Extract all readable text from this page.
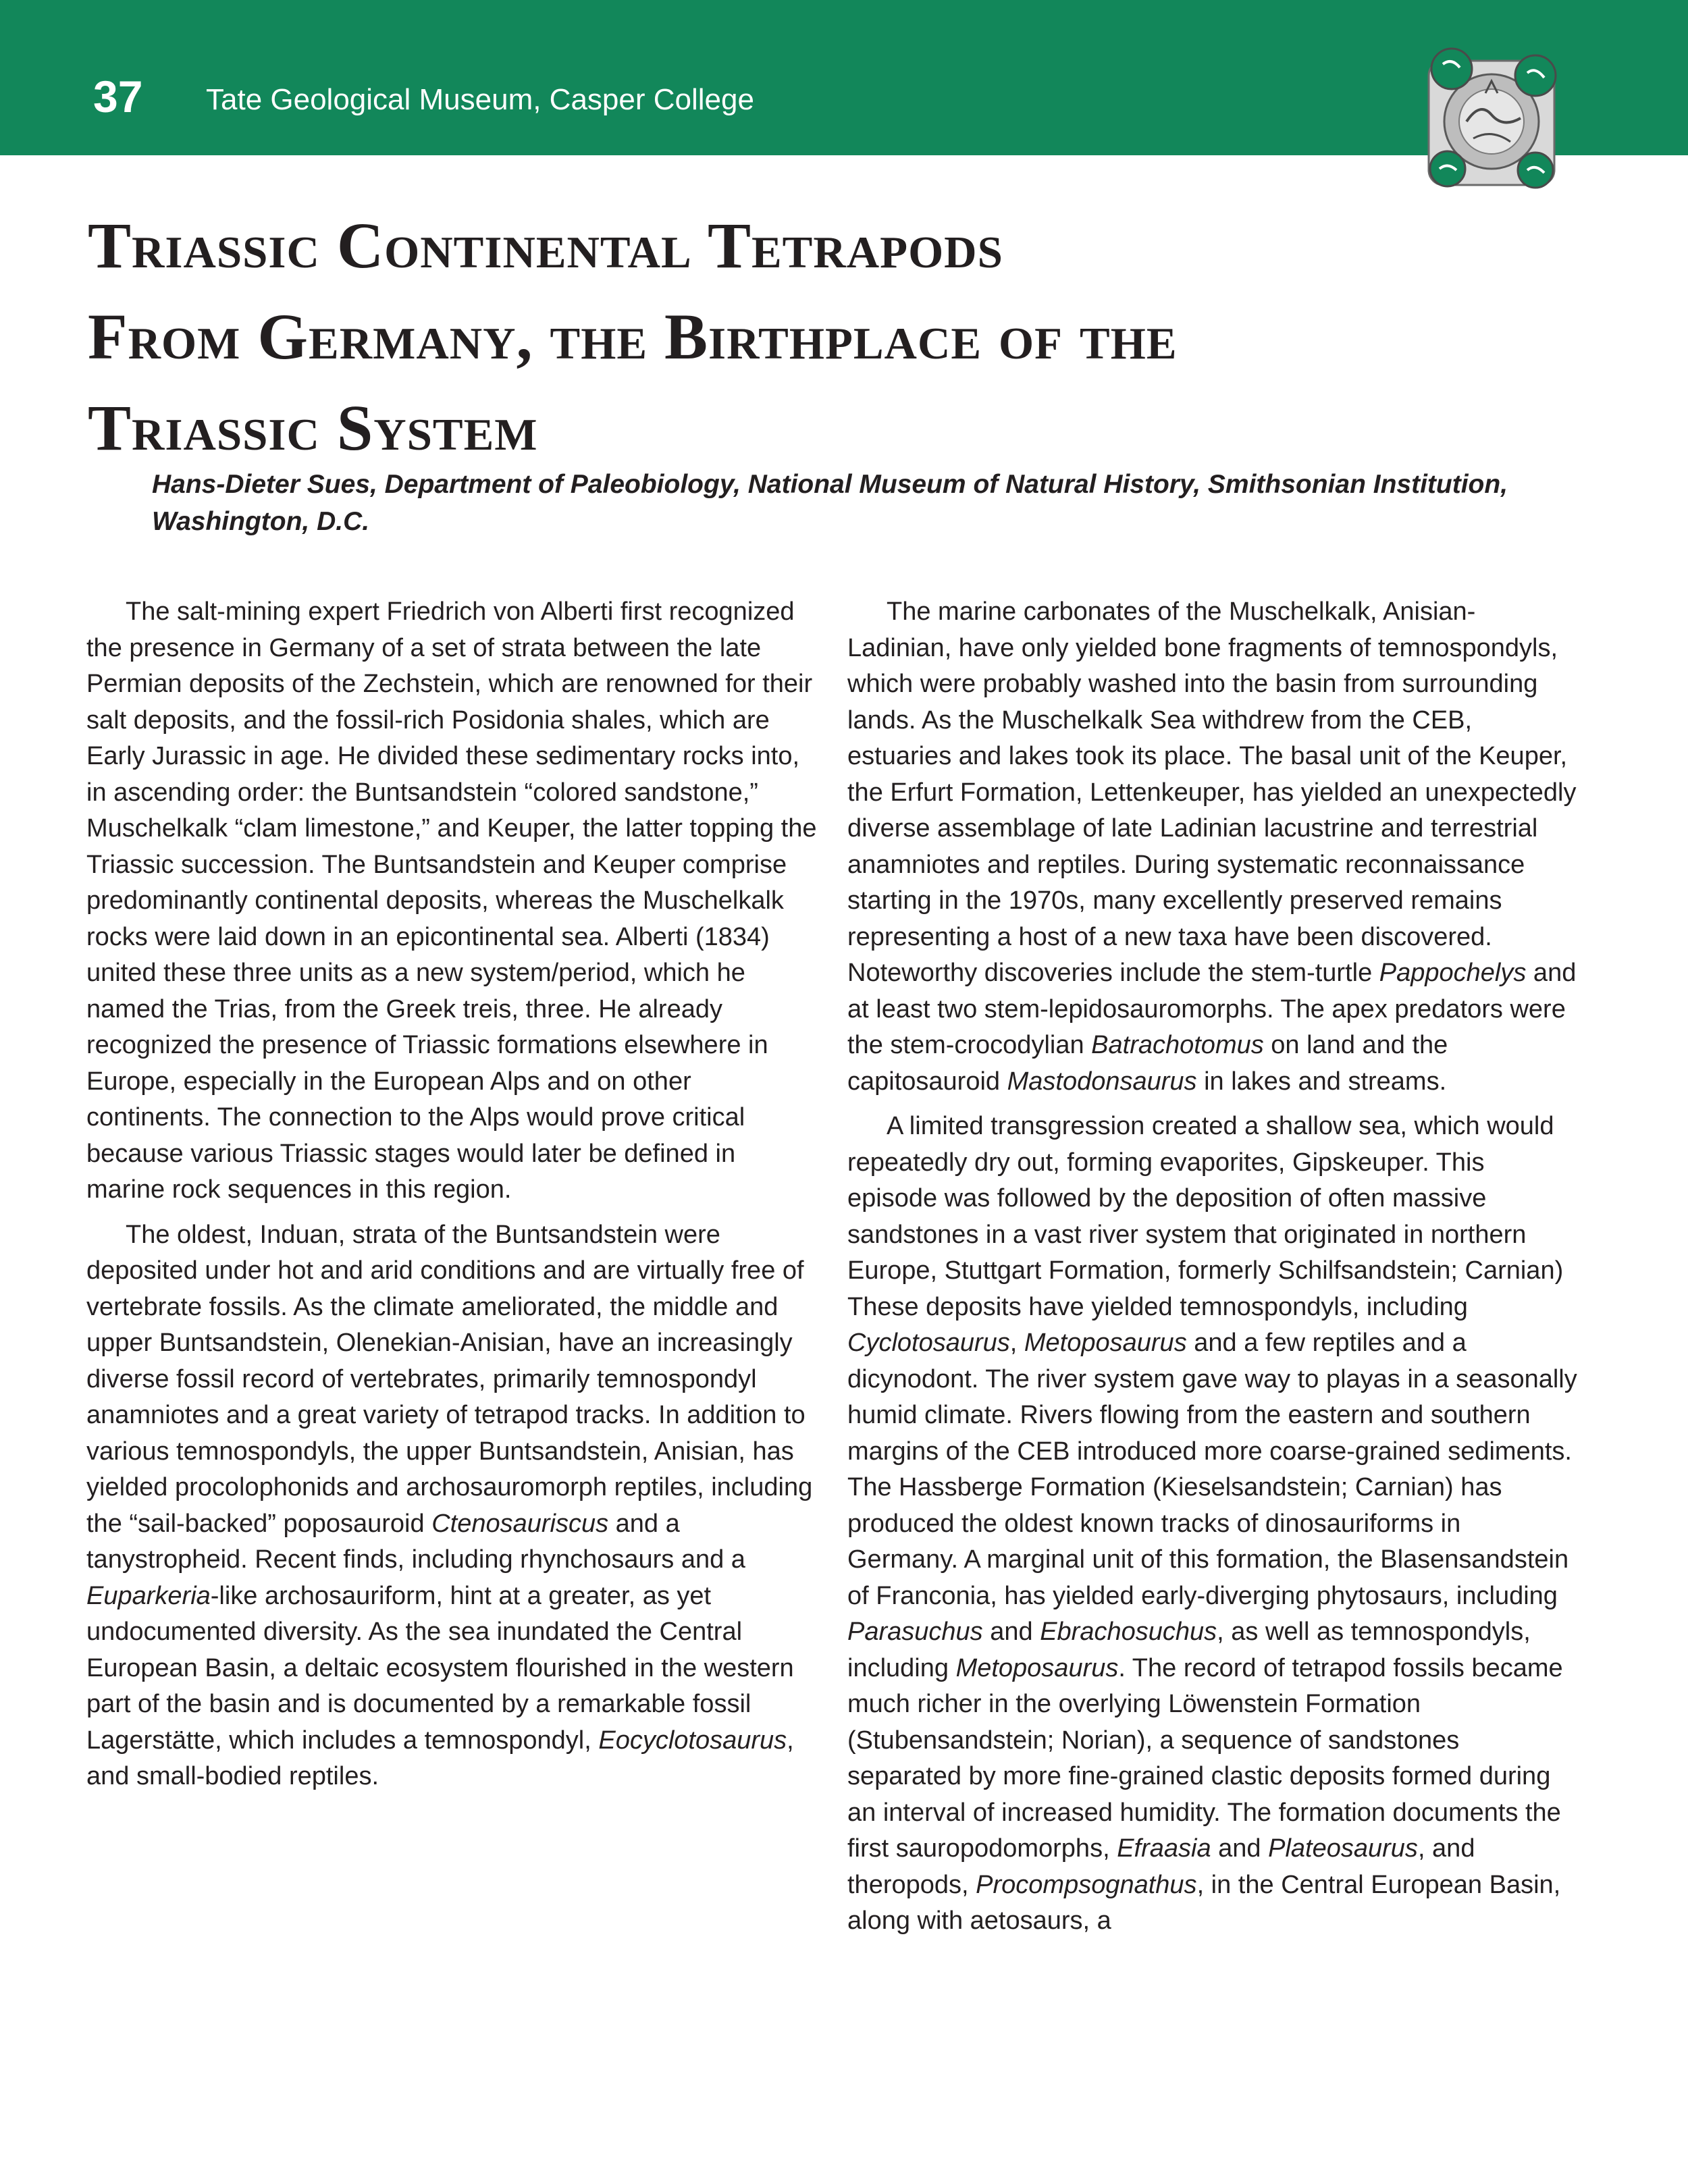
37 Tate Geological Museum, Casper College
Triassic Continental Tetrapods
From Germany, the Birthplace of the
Triassic System

Hans-Dieter Sues, Department of Paleobiology, National Museum of Natural History, Smithsonian Institution, Washington, D.C.

The salt-mining expert Friedrich von Alberti first recognized the presence in Germany of a set of strata between the late Permian deposits of the Zechstein, which are renowned for their salt deposits, and the fossil-rich Posidonia shales, which are Early Jurassic in age. He divided these sedimentary rocks into, in ascending order: the Buntsandstein “colored sandstone,” Muschelkalk “clam limestone,” and Keuper, the latter topping the Triassic succession. The Buntsandstein and Keuper comprise predominantly continental deposits, whereas the Muschelkalk rocks were laid down in an epicontinental sea. Alberti (1834) united these three units as a new system/period, which he named the Trias, from the Greek treis, three. He already recognized the presence of Triassic formations elsewhere in Europe, especially in the European Alps and on other continents. The connection to the Alps would prove critical because various Triassic stages would later be defined in marine rock sequences in this region.

The oldest, Induan, strata of the Buntsandstein were deposited under hot and arid conditions and are virtually free of vertebrate fossils. As the climate ameliorated, the middle and upper Buntsandstein, Olenekian-Anisian, have an increasingly diverse fossil record of vertebrates, primarily temnospondyl anamniotes and a great variety of tetrapod tracks. In addition to various temnospondyls, the upper Buntsandstein, Anisian, has yielded procolophonids and archosauromorph reptiles, including the “sail-backed” poposauroid Ctenosauriscus and a tanystropheid. Recent finds, including rhynchosaurs and a Euparkeria-like archosauriform, hint at a greater, as yet undocumented diversity. As the sea inundated the Central European Basin, a deltaic ecosystem flourished in the western part of the basin and is documented by a remarkable fossil Lagerstätte, which includes a temnospondyl, Eocyclotosaurus, and small-bodied reptiles.

The marine carbonates of the Muschelkalk, Anisian-Ladinian, have only yielded bone fragments of temnospondyls, which were probably washed into the basin from surrounding lands. As the Muschelkalk Sea withdrew from the CEB, estuaries and lakes took its place. The basal unit of the Keuper, the Erfurt Formation, Lettenkeuper, has yielded an unexpectedly diverse assemblage of late Ladinian lacustrine and terrestrial anamniotes and reptiles. During systematic reconnaissance starting in the 1970s, many excellently preserved remains representing a host of a new taxa have been discovered. Noteworthy discoveries include the stem-turtle Pappochelys and at least two stem-lepidosauromorphs. The apex predators were the stem-crocodylian Batrachotomus on land and the capitosauroid Mastodonsaurus in lakes and streams.

A limited transgression created a shallow sea, which would repeatedly dry out, forming evaporites, Gipskeuper. This episode was followed by the deposition of often massive sandstones in a vast river system that originated in northern Europe, Stuttgart Formation, formerly Schilfsandstein; Carnian) These deposits have yielded temnospondyls, including Cyclotosaurus, Metoposaurus and a few reptiles and a dicynodont. The river system gave way to playas in a seasonally humid climate. Rivers flowing from the eastern and southern margins of the CEB introduced more coarse-grained sediments. The Hassberge Formation (Kieselsandstein; Carnian) has produced the oldest known tracks of dinosauriforms in Germany. A marginal unit of this formation, the Blasensandstein of Franconia, has yielded early-diverging phytosaurs, including Parasuchus and Ebrachosuchus, as well as temnospondyls, including Metoposaurus. The record of tetrapod fossils became much richer in the overlying Löwenstein Formation (Stubensandstein; Norian), a sequence of sandstones separated by more fine-grained clastic deposits formed during an interval of increased humidity. The formation documents the first sauropodomorphs, Efraasia and Plateosaurus, and theropods, Procompsognathus, in the Central European Basin, along with aetosaurs, a
